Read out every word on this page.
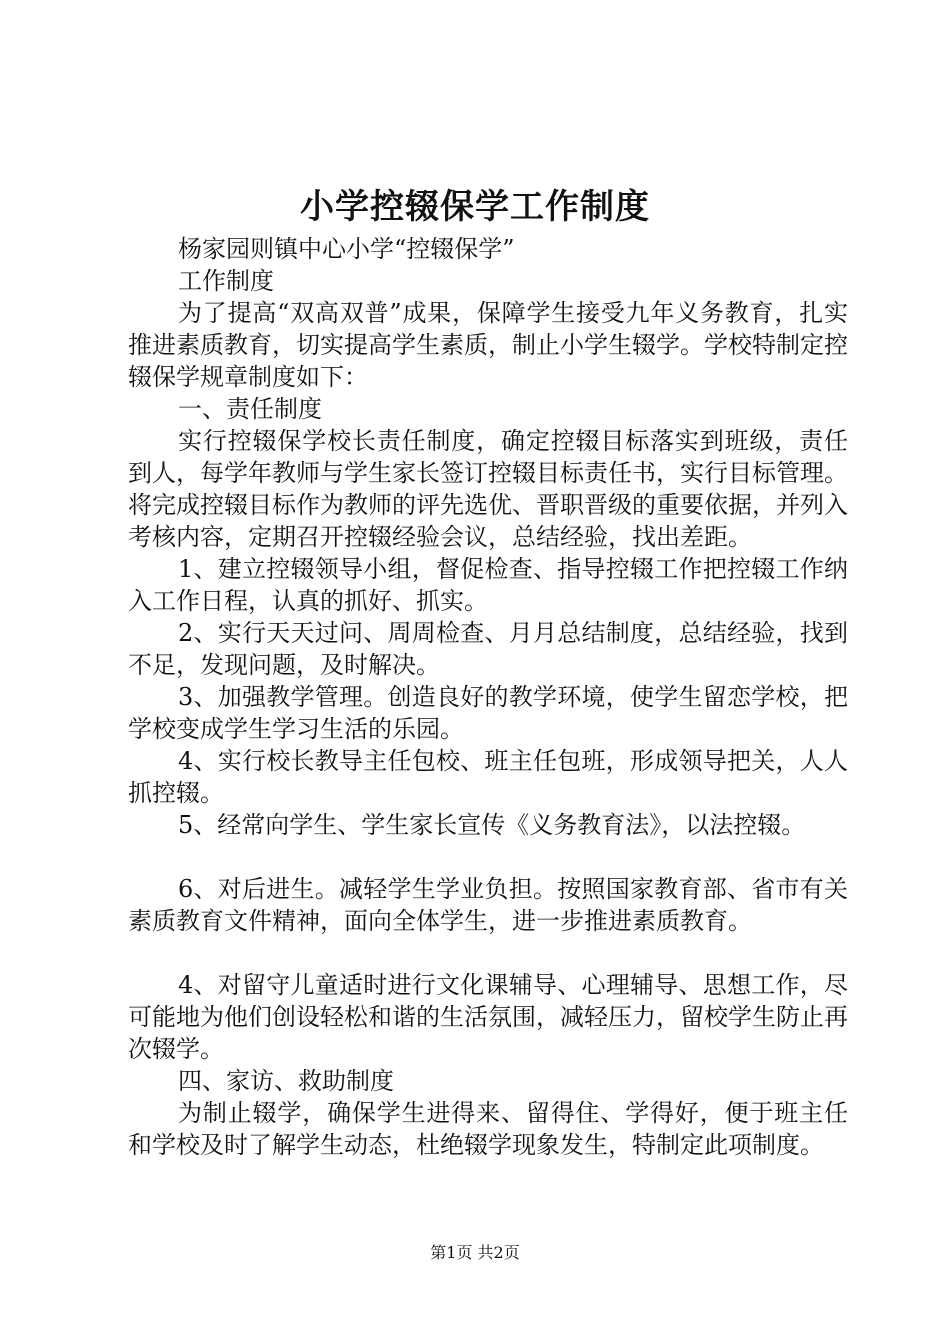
小学控辍保学工作制度

杨家园则镇中心小学“控辍保学”

工作制度

为了提高“双高双普”成果，保障学生接受九年义务教育，扎实推进素质教育，切实提高学生素质，制止小学生辍学。学校特制定控辍保学规章制度如下：

一、责任制度

实行控辍保学校长责任制度，确定控辍目标落实到班级，责任到人，每学年教师与学生家长签订控辍目标责任书，实行目标管理。将完成控辍目标作为教师的评先选优、晋职晋级的重要依据，并列入考核内容，定期召开控辍经验会议，总结经验，找出差距。

1、建立控辍领导小组，督促检查、指导控辍工作把控辍工作纳入工作日程，认真的抓好、抓实。

2、实行天天过问、周周检查、月月总结制度，总结经验，找到不足，发现问题，及时解决。

3、加强教学管理。创造良好的教学环境，使学生留恋学校，把学校变成学生学习生活的乐园。

4、实行校长教导主任包校、班主任包班，形成领导把关，人人抓控辍。

5、经常向学生、学生家长宣传《义务教育法》，以法控辍。

6、对后进生。减轻学生学业负担。按照国家教育部、省市有关素质教育文件精神，面向全体学生，进一步推进素质教育。

4、对留守儿童适时进行文化课辅导、心理辅导、思想工作，尽可能地为他们创设轻松和谐的生活氛围，减轻压力，留校学生防止再次辍学。

四、家访、救助制度

为制止辍学，确保学生进得来、留得住、学得好，便于班主任和学校及时了解学生动态，杜绝辍学现象发生，特制定此项制度。

第1页 共2页
